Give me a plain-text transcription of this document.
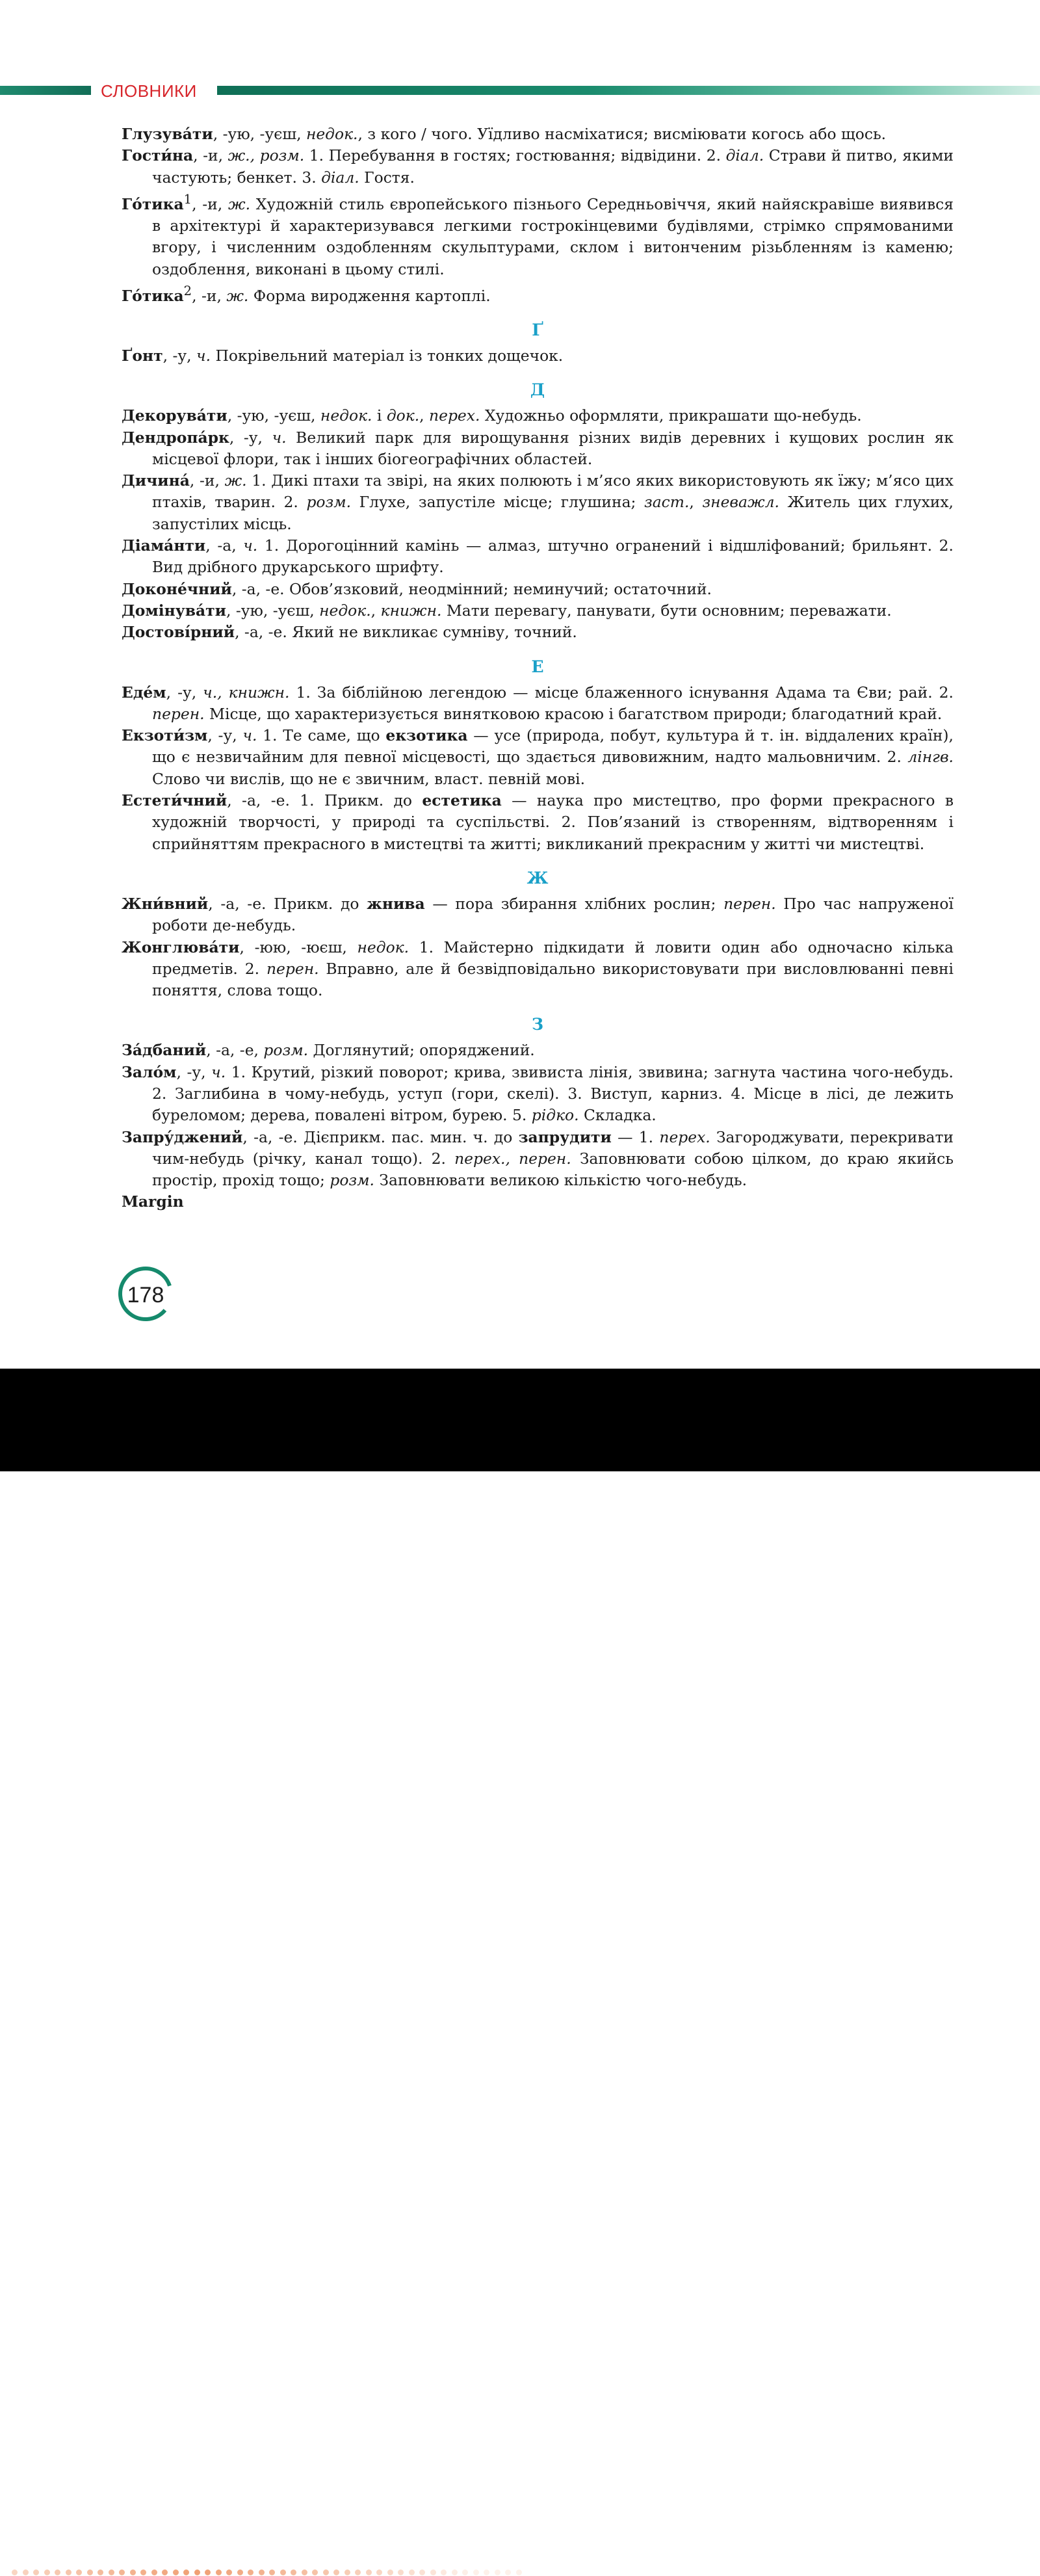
СЛОВНИКИ

Глузува́ти, -ую, -уєш, недок., з кого / чого. Уїдливо насміхатися; висміювати когось або щось.

Гости́на, -и, ж., розм. 1. Перебування в гостях; гостювання; відвідини. 2. діал. Страви й питво, якими частують; бенкет. 3. діал. Гостя.

Го́тика$^1$, -и, ж. Художній стиль європейського пізнього Середньовіччя, який найяскравіше виявився в архітектурі й характеризувався легкими гострокінцевими будівлями, стрімко спрямованими вгору, і численним оздобленням скульптурами, склом і витонченим різьбленням із каменю; оздоблення, виконані в цьому стилі.

Го́тика$^2$, -и, ж. Форма виродження картоплі.

Ґ

Ґонт, -у, ч. Покрівельний матеріал із тонких дощечок.

Д

Декорува́ти, -ую, -уєш, недок. і док., перех. Художньо оформляти, прикрашати що-небудь.

Дендропа́рк, -у, ч. Великий парк для вирощування різних видів деревних і кущових рослин як місцевої флори, так і інших біогеографічних областей.

Дичина́, -и, ж. 1. Дикі птахи та звірі, на яких полюють і м’ясо яких використовують як їжу; м’ясо цих птахів, тварин. 2. розм. Глухе, запустіле місце; глушина; заст., зневажл. Житель цих глухих, запустілих місць.

Діама́нти, -а, ч. 1. Дорогоцінний камінь — алмаз, штучно огранений і відшліфований; брильянт. 2. Вид дрібного друкарського шрифту.

Доконе́чний, -а, -е. Обов’язковий, неодмінний; неминучий; остаточний.

Домінува́ти, -ую, -уєш, недок., книжн. Мати перевагу, панувати, бути основним; переважати.

Достові́рний, -а, -е. Який не викликає сумніву, точний.

Е

Еде́м, -у, ч., книжн. 1. За біблійною легендою — місце блаженного існування Адама та Єви; рай. 2. перен. Місце, що характеризується винятковою красою і багатством природи; благодатний край.

Екзоти́зм, -у, ч. 1. Те саме, що екзотика — усе (природа, побут, культура й т. ін. віддалених країн), що є незвичайним для певної місцевості, що здається дивовижним, надто мальовничим. 2. лінгв. Слово чи вислів, що не є звичним, власт. певній мові.

Естети́чний, -а, -е. 1. Прикм. до естетика — наука про мистецтво, про форми прекрасного в художній творчості, у природі та суспільстві. 2. Пов’язаний із створенням, відтворенням і сприйняттям прекрасного в мистецтві та житті; викликаний прекрасним у житті чи мистецтві.

Ж

Жни́вний, -а, -е. Прикм. до жнива — пора збирання хлібних рослин; перен. Про час напруженої роботи де-небудь.

Жонглюва́ти, -юю, -юєш, недок. 1. Майстерно підкидати й ловити один або одночасно кілька предметів. 2. перен. Вправно, але й безвідповідально використовувати при висловлюванні певні поняття, слова тощо.

З

За́дбаний, -а, -е, розм. Доглянутий; опоряджений.

Зало́м, -у, ч. 1. Крутий, різкий поворот; крива, звивиста лінія, звивина; загнута частина чого-небудь. 2. Заглибина в чому-небудь, уступ (гори, скелі). 3. Виступ, карниз. 4. Місце в лісі, де лежить буреломом; дерева, повалені вітром, бурею. 5. рідко. Складка.

Запру́джений, -а, -е. Дієприкм. пас. мин. ч. до запрудити — 1. перех. Загороджувати, перекривати чим-небудь (річку, канал тощо). 2. перех., перен. Заповнювати собою цілком, до краю якийсь простір, прохід тощо; розм. Заповнювати великою кількістю чого-небудь.

Margin

178
